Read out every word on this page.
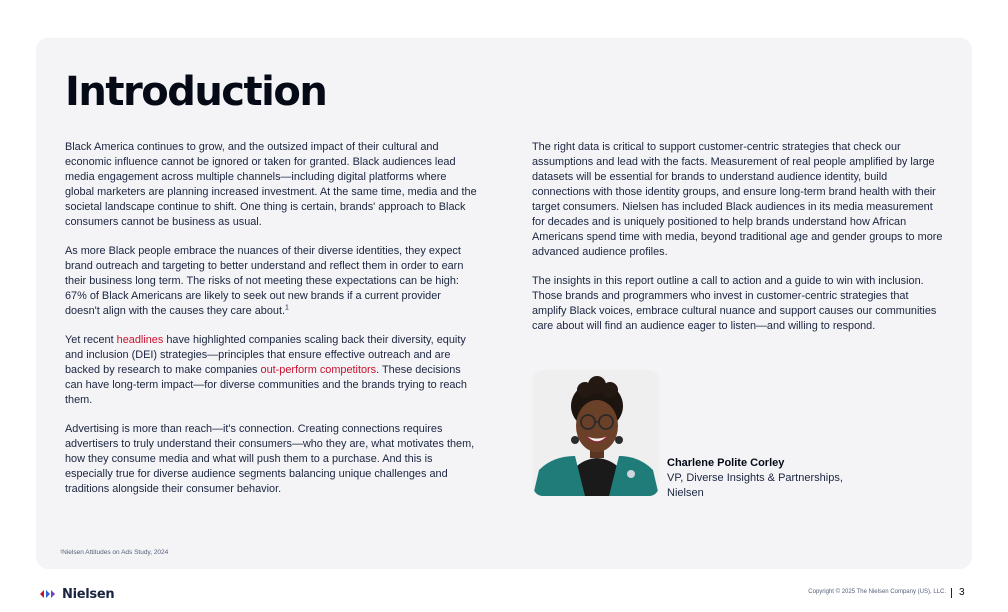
Introduction

Black America continues to grow, and the outsized impact of their cultural and economic influence cannot be ignored or taken for granted. Black audiences lead media engagement across multiple channels—including digital platforms where global marketers are planning increased investment. At the same time, media and the societal landscape continue to shift. One thing is certain, brands' approach to Black consumers cannot be business as usual.

As more Black people embrace the nuances of their diverse identities, they expect brand outreach and targeting to better understand and reflect them in order to earn their business long term. The risks of not meeting these expectations can be high: 67% of Black Americans are likely to seek out new brands if a current provider doesn't align with the causes they care about.$^1$

Yet recent headlines have highlighted companies scaling back their diversity, equity and inclusion (DEI) strategies—principles that ensure effective outreach and are backed by research to make companies out-perform competitors. These decisions can have long-term impact—for diverse communities and the brands trying to reach them.

Advertising is more than reach—it's connection. Creating connections requires advertisers to truly understand their consumers—who they are, what motivates them, how they consume media and what will push them to a purchase. And this is especially true for diverse audience segments balancing unique challenges and traditions alongside their consumer behavior.

The right data is critical to support customer-centric strategies that check our assumptions and lead with the facts. Measurement of real people amplified by large datasets will be essential for brands to understand audience identity, build connections with those identity groups, and ensure long-term brand health with their target consumers. Nielsen has included Black audiences in its media measurement for decades and is uniquely positioned to help brands understand how African Americans spend time with media, beyond traditional age and gender groups to more advanced audience profiles.

The insights in this report outline a call to action and a guide to win with inclusion. Those brands and programmers who invest in customer-centric strategies that amplify Black voices, embrace cultural nuance and support causes our communities care about will find an audience eager to listen—and willing to respond.

Charlene Polite Corley
VP, Diverse Insights & Partnerships,
Nielsen
¹Nielsen Attitudes on Ads Study, 2024
Nielsen	Copyright © 2025 The Nielsen Company (US), LLC. 3
